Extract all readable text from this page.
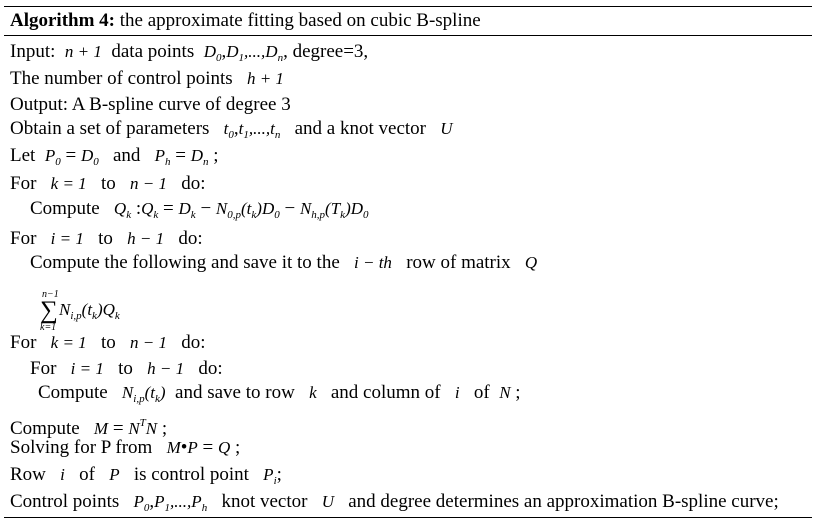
Algorithm 4: the approximate fitting based on cubic B-spline
Input: n + 1 data points $D_0,D_1,...,D_n$, degree=3,
The number of control points h + 1
Output: A B-spline curve of degree 3
Obtain a set of parameters $t_0,t_1,...,t_n$ and a knot vector U
Let $P_0 = D_0$ and $P_h = D_n$ ;
For k = 1 to n − 1 do:
Compute $Q_k$ $:Q_k = D_k - N_{0,p}(t_k)D_0 - N_{h,p}(T_k)D_0$
For i = 1 to h − 1 do:
Compute the following and save it to the i − th row of matrix Q
n−1
∑
k=1
$N_{i,p}(t_k)Q_k$
For k = 1 to n − 1 do:
For i = 1 to h − 1 do:
Compute $N_{i,p}(t_k)$ and save to row k and column of i of N ;
Compute $M = N^TN$ ;
Solving for P from M•P = Q ;
Row i of P is control point $P_i$;
Control points $P_0,P_1,...,P_h$ knot vector U and degree determines an approximation B-spline curve;
